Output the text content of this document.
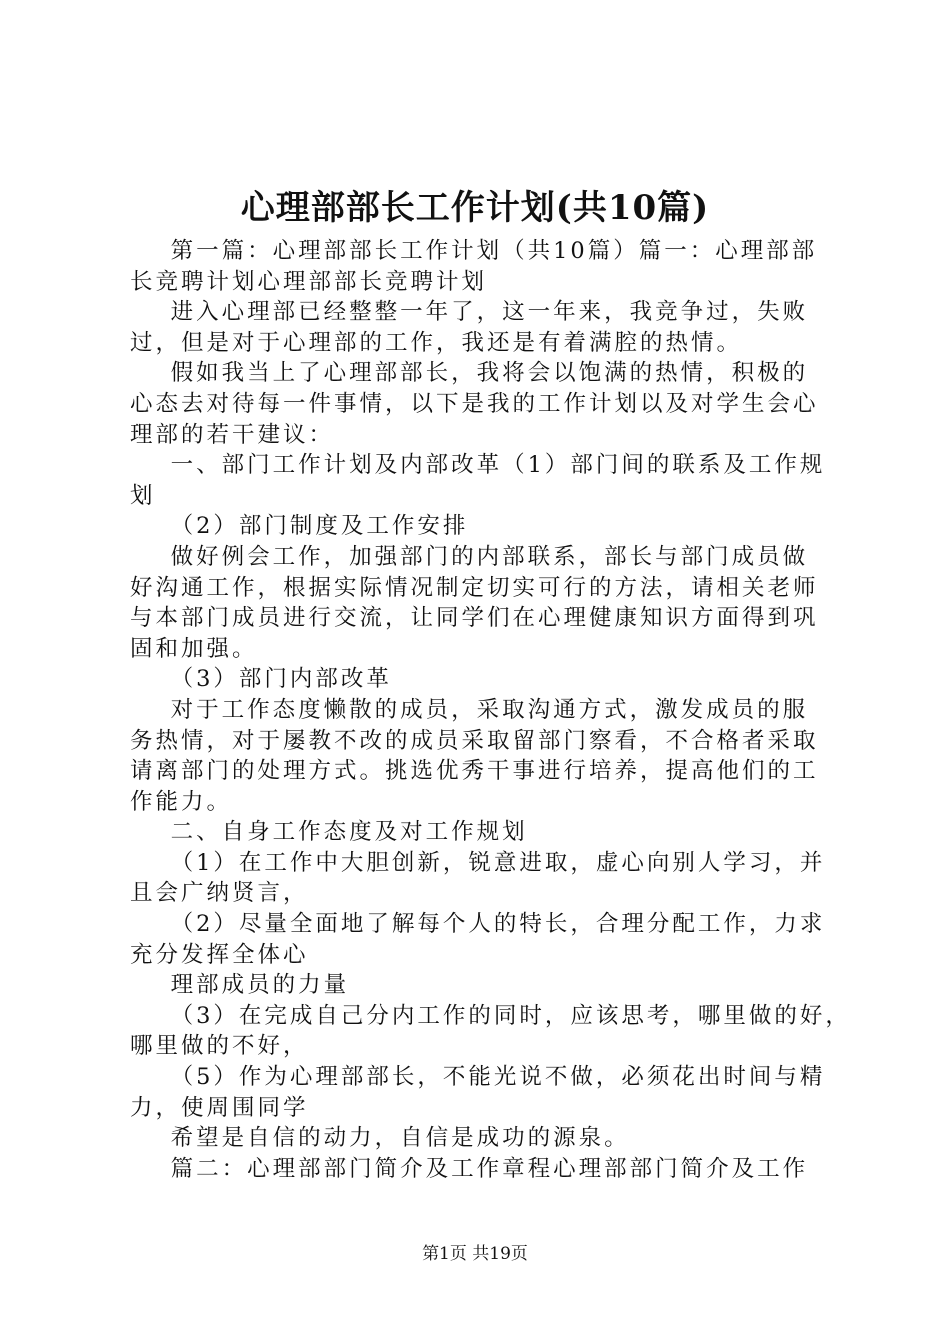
心理部部长工作计划(共10篇)
第一篇：心理部部长工作计划（共10篇）篇一：心理部部
长竞聘计划心理部部长竞聘计划
进入心理部已经整整一年了，这一年来，我竞争过，失败
过，但是对于心理部的工作，我还是有着满腔的热情。
假如我当上了心理部部长，我将会以饱满的热情，积极的
心态去对待每一件事情，以下是我的工作计划以及对学生会心
理部的若干建议：
一、部门工作计划及内部改革（1）部门间的联系及工作规
划
（2）部门制度及工作安排
做好例会工作，加强部门的内部联系，部长与部门成员做
好沟通工作，根据实际情况制定切实可行的方法，请相关老师
与本部门成员进行交流，让同学们在心理健康知识方面得到巩
固和加强。
（3）部门内部改革
对于工作态度懒散的成员，采取沟通方式，激发成员的服
务热情，对于屡教不改的成员采取留部门察看，不合格者采取
请离部门的处理方式。挑选优秀干事进行培养，提高他们的工
作能力。
二、自身工作态度及对工作规划
（1）在工作中大胆创新，锐意进取，虚心向别人学习，并
且会广纳贤言，
（2）尽量全面地了解每个人的特长，合理分配工作，力求
充分发挥全体心
理部成员的力量
（3）在完成自己分内工作的同时，应该思考，哪里做的好，
哪里做的不好，
（5）作为心理部部长，不能光说不做，必须花出时间与精
力，使周围同学
希望是自信的动力，自信是成功的源泉。
篇二：心理部部门简介及工作章程心理部部门简介及工作
第1页 共19页
